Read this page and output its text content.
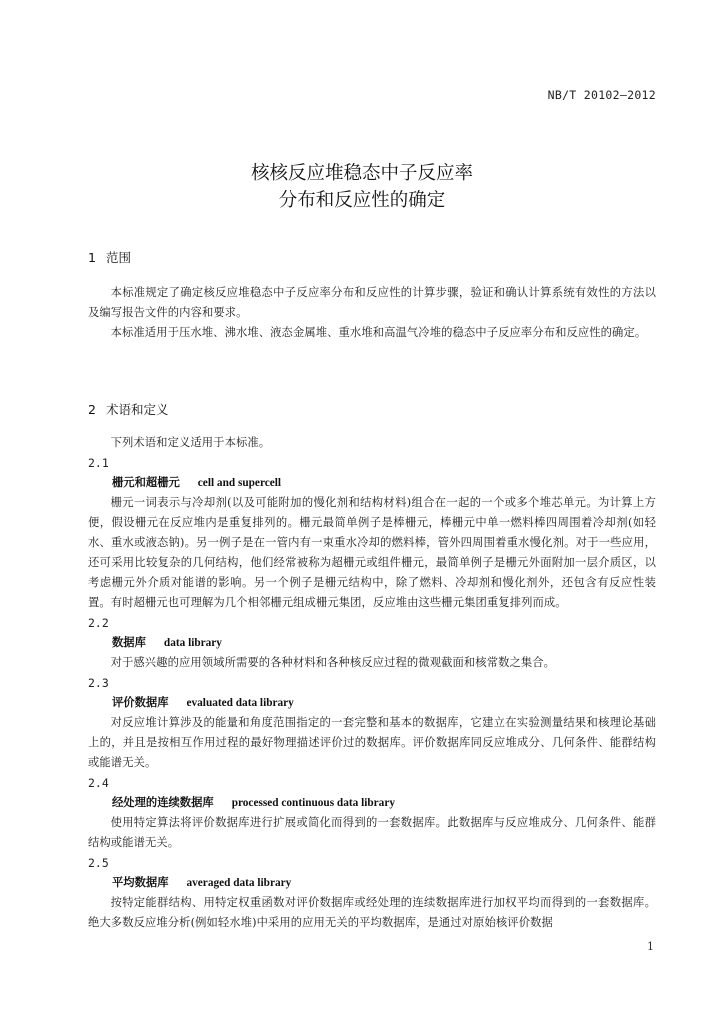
NB/T 20102—2012
核核反应堆稳态中子反应率
分布和反应性的确定
1 范围
本标准规定了确定核反应堆稳态中子反应率分布和反应性的计算步骤，验证和确认计算系统有效性的方法以及编写报告文件的内容和要求。
本标准适用于压水堆、沸水堆、液态金属堆、重水堆和高温气冷堆的稳态中子反应率分布和反应性的确定。
2 术语和定义
下列术语和定义适用于本标准。
2.1
栅元和超栅元 cell and supercell
栅元一词表示与冷却剂(以及可能附加的慢化剂和结构材料)组合在一起的一个或多个堆芯单元。为计算上方便，假设栅元在反应堆内是重复排列的。栅元最简单例子是棒栅元，棒栅元中单一燃料棒四周围着冷却剂(如轻水、重水或液态钠)。另一例子是在一管内有一束重水冷却的燃料棒，管外四周围着重水慢化剂。对于一些应用，还可采用比较复杂的几何结构，他们经常被称为超栅元或组件栅元，最简单例子是栅元外面附加一层介质区，以考虑栅元外介质对能谱的影响。另一个例子是栅元结构中，除了燃料、冷却剂和慢化剂外，还包含有反应性装置。有时超栅元也可理解为几个相邻栅元组成栅元集团，反应堆由这些栅元集团重复排列而成。
2.2
数据库 data library
对于感兴趣的应用领域所需要的各种材料和各种核反应过程的微观截面和核常数之集合。
2.3
评价数据库 evaluated data library
对反应堆计算涉及的能量和角度范围指定的一套完整和基本的数据库，它建立在实验测量结果和核理论基础上的，并且是按相互作用过程的最好物理描述评价过的数据库。评价数据库同反应堆成分、几何条件、能群结构或能谱无关。
2.4
经处理的连续数据库 processed continuous data library
使用特定算法将评价数据库进行扩展或简化而得到的一套数据库。此数据库与反应堆成分、几何条件、能群结构或能谱无关。
2.5
平均数据库 averaged data library
按特定能群结构、用特定权重函数对评价数据库或经处理的连续数据库进行加权平均而得到的一套数据库。绝大多数反应堆分析(例如轻水堆)中采用的应用无关的平均数据库，是通过对原始核评价数据
1
